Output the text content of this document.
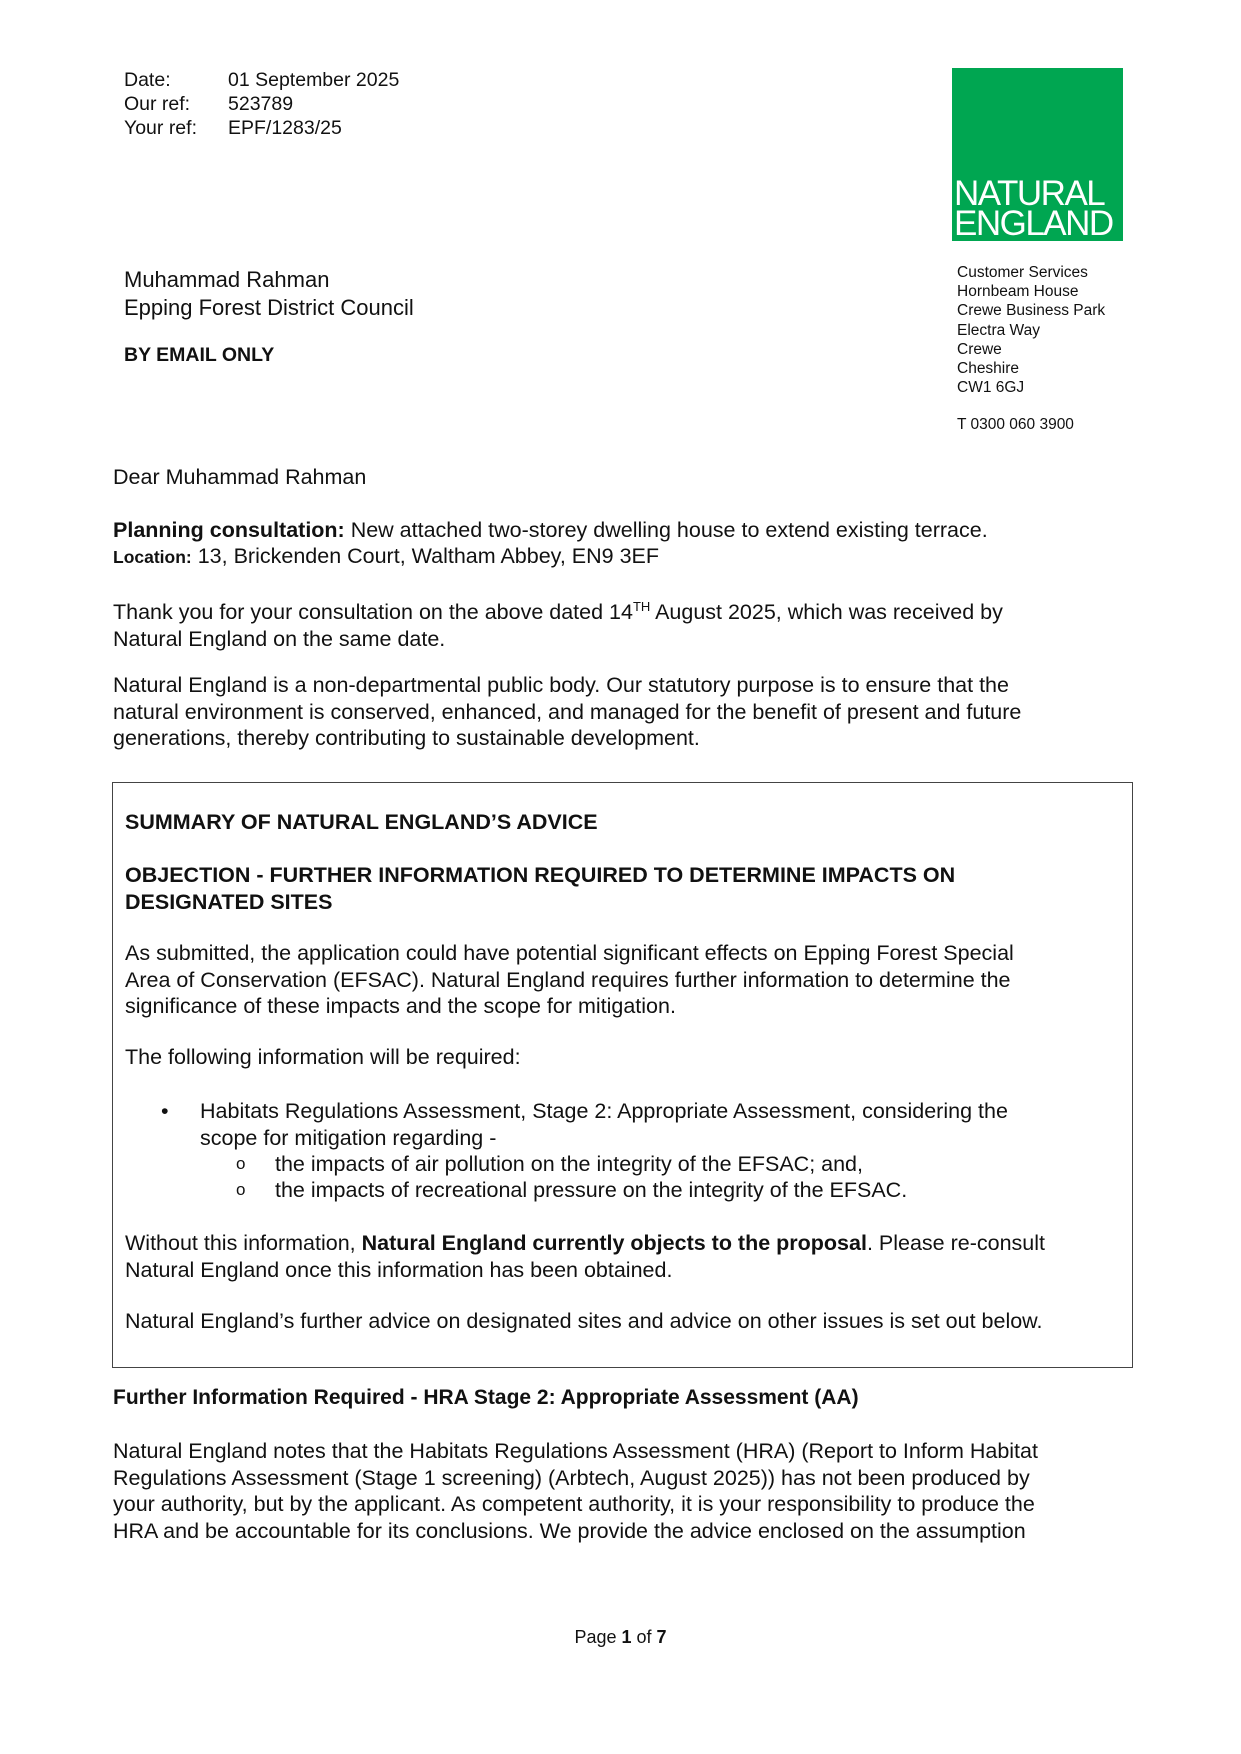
Date:	01 September 2025
Our ref:	523789
Your ref:	EPF/1283/25
NATURAL
ENGLAND
Customer Services
Hornbeam House
Crewe Business Park
Electra Way
Crewe
Cheshire
CW1 6GJ
T 0300 060 3900
Muhammad Rahman
Epping Forest District Council
BY EMAIL ONLY
Dear Muhammad Rahman
Planning consultation: New attached two-storey dwelling house to extend existing terrace.
Location: 13, Brickenden Court, Waltham Abbey, EN9 3EF
Thank you for your consultation on the above dated 14TH August 2025, which was received by
Natural England on the same date.
Natural England is a non-departmental public body. Our statutory purpose is to ensure that the
natural environment is conserved, enhanced, and managed for the benefit of present and future
generations, thereby contributing to sustainable development.
SUMMARY OF NATURAL ENGLAND’S ADVICE
OBJECTION - FURTHER INFORMATION REQUIRED TO DETERMINE IMPACTS ON
DESIGNATED SITES
As submitted, the application could have potential significant effects on Epping Forest Special
Area of Conservation (EFSAC). Natural England requires further information to determine the
significance of these impacts and the scope for mitigation.
The following information will be required:
• Habitats Regulations Assessment, Stage 2: Appropriate Assessment, considering the
scope for mitigation regarding -
o the impacts of air pollution on the integrity of the EFSAC; and,
o the impacts of recreational pressure on the integrity of the EFSAC.
Without this information, Natural England currently objects to the proposal. Please re-consult
Natural England once this information has been obtained.
Natural England’s further advice on designated sites and advice on other issues is set out below.
Further Information Required - HRA Stage 2: Appropriate Assessment (AA)
Natural England notes that the Habitats Regulations Assessment (HRA) (Report to Inform Habitat
Regulations Assessment (Stage 1 screening) (Arbtech, August 2025)) has not been produced by
your authority, but by the applicant. As competent authority, it is your responsibility to produce the
HRA and be accountable for its conclusions. We provide the advice enclosed on the assumption
Page 1 of 7
